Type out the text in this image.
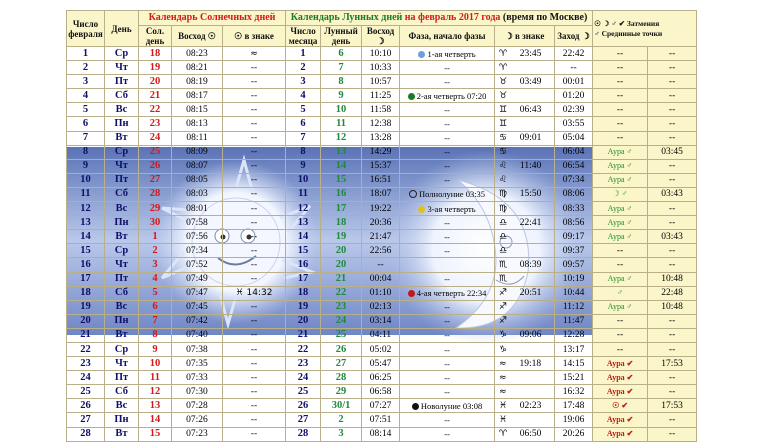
Число февраля	День	Календарь Солнечных дней			Календарь Лунных дней на февраль 2017 года (время по Москве)						☉ ☽ ♂ ✔ Затмения
♂ Срединные точки	

		Сол. день	Восход ☉	☉ в знаке	Число месяца	Лунный день	Восход ☽	Фаза, начало фазы	☽ в знаке	Заход ☽		
1	Ср	18	08:23	≈	1	6	10:10	1-ая четверть	♈ 23:45	22:42	--	--
2	Чт	19	08:21	--	2	7	10:33	--	♈	--	--	--
3	Пт	20	08:19	--	3	8	10:57	--	♉ 03:49	00:01	--	--
4	Сб	21	08:17	--	4	9	11:25	2-ая четверть 07:20	♉	01:20	--	--
5	Вс	22	08:15	--	5	10	11:58	--	♊ 06:43	02:39	--	--
6	Пн	23	08:13	--	6	11	12:38	--	♊	03:55	--	--
7	Вт	24	08:11	--	7	12	13:28	--	♋ 09:01	05:04	--	--
8	Ср	25	08:09	--	8	13	14:29	--	♋	06:04	Аура ♂	03:45
9	Чт	26	08:07	--	9	14	15:37	--	♌ 11:40	06:54	Аура ♂	--
10	Пт	27	08:05	--	10	15	16:51	--	♌	07:34	Аура ♂	--
11	Сб	28	08:03	--	11	16	18:07	Полнолуние 03:35	♍ 15:50	08:06	☽ ♂	03:43
12	Вс	29	08:01	--	12	17	19:22	3-ая четверть	♍	08:33	Аура ♂	--
13	Пн	30	07:58	--	13	18	20:36	--	♎ 22:41	08:56	Аура ♂	--
14	Вт	1	07:56	--	14	19	21:47	--	♎	09:17	Аура ♂	03:43
15	Ср	2	07:34	--	15	20	22:56	--	♎	09:37	--	--
16	Чт	3	07:52	--	16	20	--		♏ 08:39	09:57	--	--
17	Пт	4	07:49	--	17	21	00:04	--	♏	10:19	Аура ♂	10:48
18	Сб	5	07:47	♓ 14:32	18	22	01:10	4-ая четверть 22:34	♐ 20:51	10:44	♂	22:48
19	Вс	6	07:45	--	19	23	02:13	--	♐	11:12	Аура ♂	10:48
20	Пн	7	07:42	--	20	24	03:14	--	♐	11:47	--	--
21	Вт	8	07:40	--	21	25	04:11	--	♑ 09:06	12:28	--	--
22	Ср	9	07:38	--	22	26	05:02	--	♑	13:17	--	--
23	Чт	10	07:35	--	23	27	05:47	--	≈ 19:18	14:15	Аура ✔	17:53
24	Пт	11	07:33	--	24	28	06:25	--	≈	15:21	Аура ✔	--
25	Сб	12	07:30	--	25	29	06:58	--	≈	16:32	Аура ✔	--
26	Вс	13	07:28	--	26	30/1	07:27	Новолуние 03:08	♓ 02:23	17:48	☉ ✔	17:53
27	Пн	14	07:26	--	27	2	07:51	--	♓	19:06	Аура ✔	--
28	Вт	15	07:23	--	28	3	08:14	--	♈ 06:50	20:26	Аура ✔	--
